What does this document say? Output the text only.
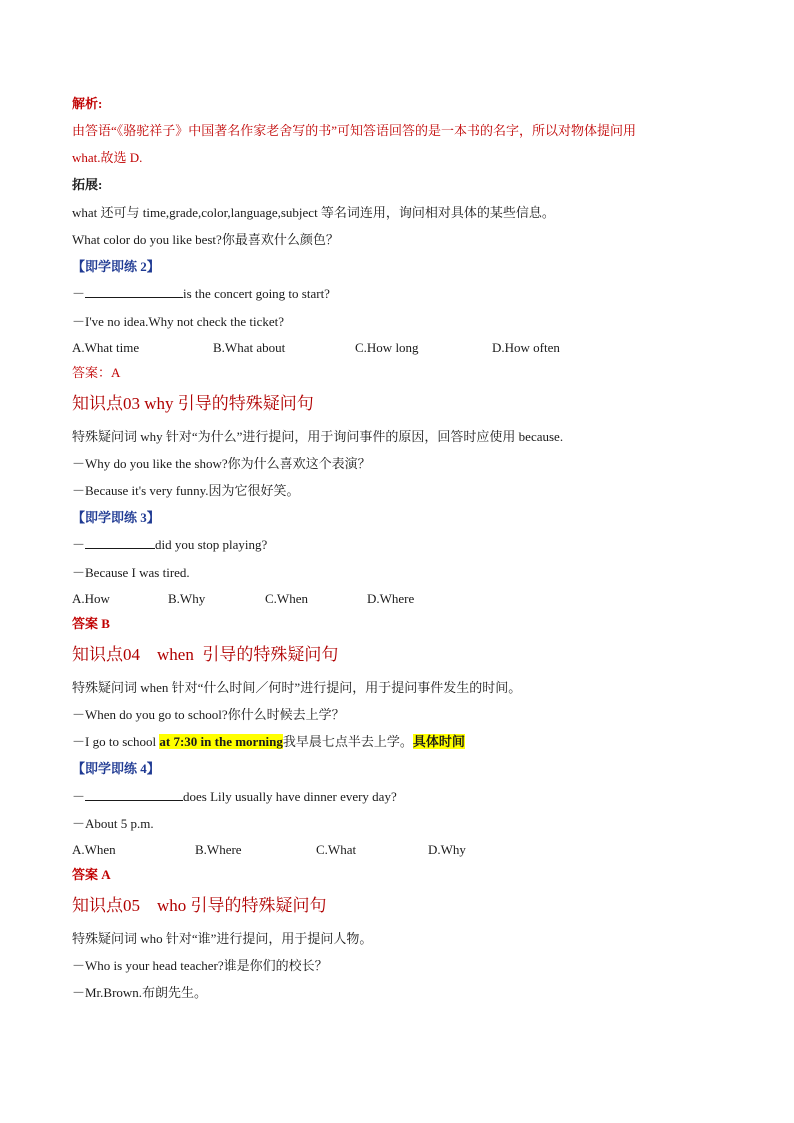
解析:
由答语“《骆驼祥子》中国著名作家老舍写的书”可知答语回答的是一本书的名字，所以对物体提问用
what.故选 D.
拓展:
what 还可与 time,grade,color,language,subject 等名词连用，询问相对具体的某些信息。
What color do you like best?你最喜欢什么颜色？
【即学即练 2】
－	is the concert going to start?
－I've no idea.Why not check the ticket?
A.What time	B.What about	C.How long	D.How often
答案：A
知识点03 why 引导的特殊疑问句
特殊疑问词 why 针对“为什么”进行提问，用于询问事件的原因，回答时应使用 because.
－Why do you like the show?你为什么喜欢这个表演？
－Because it's very funny.因为它很好笑。
【即学即练 3】
－	did you stop playing?
－Because I was tired.
A.How	B.Why	C.When	D.Where
答案 B
知识点04    when  引导的特殊疑问句
特殊疑问词 when 针对“什么时间／何时”进行提问，用于提问事件发生的时间。
－When do you go to school?你什么时候去上学？
－I go to school at 7:30 in the morning我早晨七点半去上学。具体时间
【即学即练 4】
－	does Lily usually have dinner every day?
－About 5 p.m.
A.When	B.Where	C.What	D.Why
答案 A
知识点05    who 引导的特殊疑问句
特殊疑问词 who 针对“谁”进行提问，用于提问人物。
－Who is your head teacher?谁是你们的校长？
－Mr.Brown.布朗先生。
